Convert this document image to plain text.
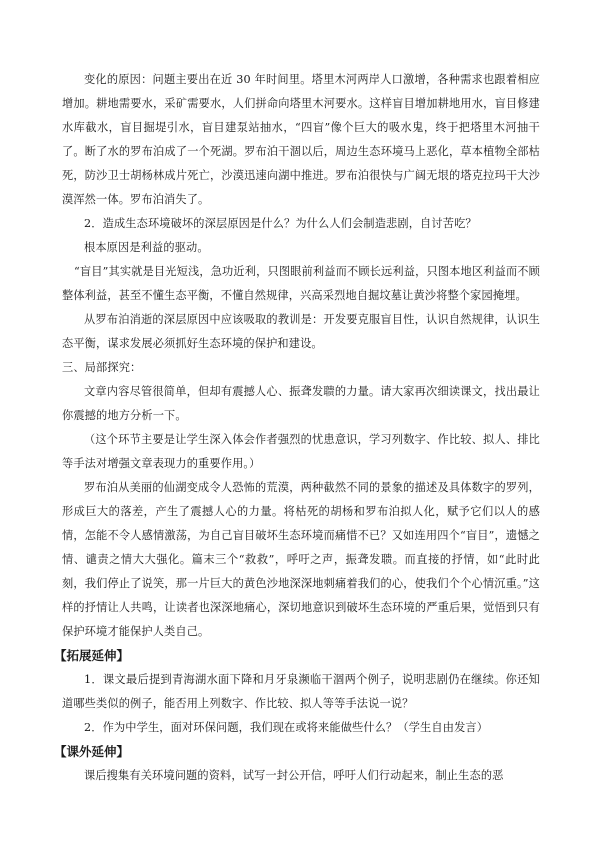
变化的原因：问题主要出在近 30 年时间里。塔里木河两岸人口激增，各种需求也跟着相应增加。耕地需要水，采矿需要水，人们拼命向塔里木河要水。这样盲目增加耕地用水，盲目修建水库截水，盲目掘堤引水，盲目建泵站抽水，“四盲”像个巨大的吸水鬼，终于把塔里木河抽干了。断了水的罗布泊成了一个死湖。罗布泊干涸以后，周边生态环境马上恶化，草本植物全部枯死，防沙卫士胡杨林成片死亡，沙漠迅速向湖中推进。罗布泊很快与广阔无垠的塔克拉玛干大沙漠浑然一体。罗布泊消失了。

2．造成生态环境破坏的深层原因是什么？为什么人们会制造悲剧，自讨苦吃？

根本原因是利益的驱动。

“盲目”其实就是目光短浅，急功近利，只图眼前利益而不顾长远利益，只图本地区利益而不顾整体利益，甚至不懂生态平衡，不懂自然规律，兴高采烈地自掘坟墓让黄沙将整个家园掩埋。

从罗布泊消逝的深层原因中应该吸取的教训是：开发要克服盲目性，认识自然规律，认识生态平衡，谋求发展必须抓好生态环境的保护和建设。

三、局部探究：

文章内容尽管很简单，但却有震撼人心、振聋发聩的力量。请大家再次细读课文，找出最让你震撼的地方分析一下。

（这个环节主要是让学生深入体会作者强烈的忧患意识，学习列数字、作比较、拟人、排比等手法对增强文章表现力的重要作用。）

罗布泊从美丽的仙湖变成令人恐怖的荒漠，两种截然不同的景象的描述及具体数字的罗列，形成巨大的落差，产生了震撼人心的力量。将枯死的胡杨和罗布泊拟人化，赋予它们以人的感情，怎能不令人感情激荡，为自己盲目破坏生态环境而痛惜不已？又如连用四个“盲目”，遗憾之情、谴责之情大大强化。篇末三个“救救”，呼吁之声，振聋发聩。而直接的抒情，如“此时此刻，我们停止了说笑，那一片巨大的黄色沙地深深地刺痛着我们的心，使我们个个心情沉重。”这样的抒情让人共鸣，让读者也深深地痛心，深切地意识到破坏生态环境的严重后果，觉悟到只有保护环境才能保护人类自己。

【拓展延伸】

1．课文最后提到青海湖水面下降和月牙泉濒临干涸两个例子，说明悲剧仍在继续。你还知道哪些类似的例子，能否用上列数字、作比较、拟人等等手法说一说？

2．作为中学生，面对环保问题，我们现在或将来能做些什么？（学生自由发言）

【课外延伸】

课后搜集有关环境问题的资料，试写一封公开信，呼吁人们行动起来，制止生态的恶
